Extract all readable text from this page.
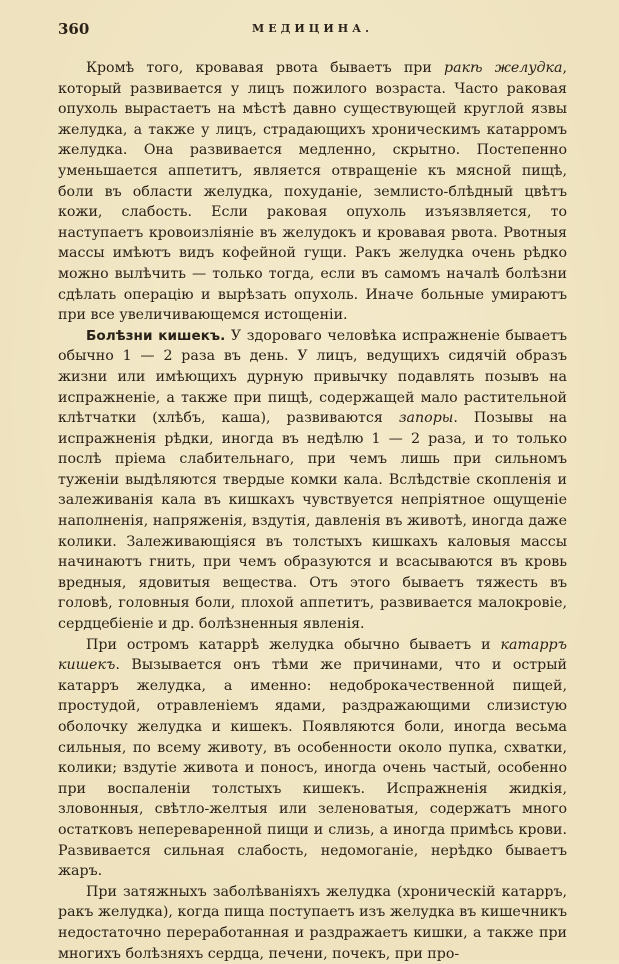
360	МЕДИЦИНА.

Кромѣ того, кровавая рвота бываетъ при ракѣ желудка, который развивается у лицъ пожилого возраста. Часто раковая опухоль вырастаетъ на мѣстѣ давно существующей круглой язвы желудка, а также у лицъ, страдающихъ хроническимъ катарромъ желудка. Она развивается медленно, скрытно. Постепенно уменьшается аппетитъ, является отвращеніе къ мясной пищѣ, боли въ области желудка, похуданіе, землисто-блѣдный цвѣтъ кожи, слабость. Если раковая опухоль изъязвляется, то наступаетъ кровоизліяніе въ желудокъ и кровавая рвота. Рвотныя массы имѣютъ видъ кофейной гущи. Ракъ желудка очень рѣдко можно вылѣчить — только тогда, если въ самомъ началѣ болѣзни сдѣлать операцію и вырѣзать опухоль. Иначе больные умираютъ при все увеличивающемся истощеніи.

Болѣзни кишекъ. У здороваго человѣка испражненіе бываетъ обычно 1 — 2 раза въ день. У лицъ, ведущихъ сидячій образъ жизни или имѣющихъ дурную привычку подавлять позывъ на испражненіе, а также при пищѣ, содержащей мало растительной клѣтчатки (хлѣбъ, каша), развиваются запоры. Позывы на испражненія рѣдки, иногда въ недѣлю 1 — 2 раза, и то только послѣ пріема слабительнаго, при чемъ лишь при сильномъ туженіи выдѣляются твердые комки кала. Вслѣдствіе скопленія и залеживанія кала въ кишкахъ чувствуется непріятное ощущеніе наполненія, напряженія, вздутія, давленія въ животѣ, иногда даже колики. Залеживающіяся въ толстыхъ кишкахъ каловыя массы начинаютъ гнить, при чемъ образуются и всасываются въ кровь вредныя, ядовитыя вещества. Отъ этого бываетъ тяжесть въ головѣ, головныя боли, плохой аппетитъ, развивается малокровіе, сердцебіеніе и др. болѣзненныя явленія.

При остромъ катаррѣ желудка обычно бываетъ и катарръ кишекъ. Вызывается онъ тѣми же причинами, что и острый катарръ желудка, а именно: недоброкачественной пищей, простудой, отравленіемъ ядами, раздражающими слизистую оболочку желудка и кишекъ. Появляются боли, иногда весьма сильныя, по всему животу, въ особенности около пупка, схватки, колики; вздутіе живота и поносъ, иногда очень частый, особенно при воспаленіи толстыхъ кишекъ. Испражненія жидкія, зловонныя, свѣтло-желтыя или зеленоватыя, содержатъ много остатковъ непереваренной пищи и слизь, а иногда примѣсь крови. Развивается сильная слабость, недомоганіе, нерѣдко бываетъ жаръ.

При затяжныхъ заболѣваніяхъ желудка (хроническій катарръ, ракъ желудка), когда пища поступаетъ изъ желудка въ кишечникъ недостаточно переработанная и раздражаетъ кишки, а также при многихъ болѣзняхъ сердца, печени, почекъ, при про-
